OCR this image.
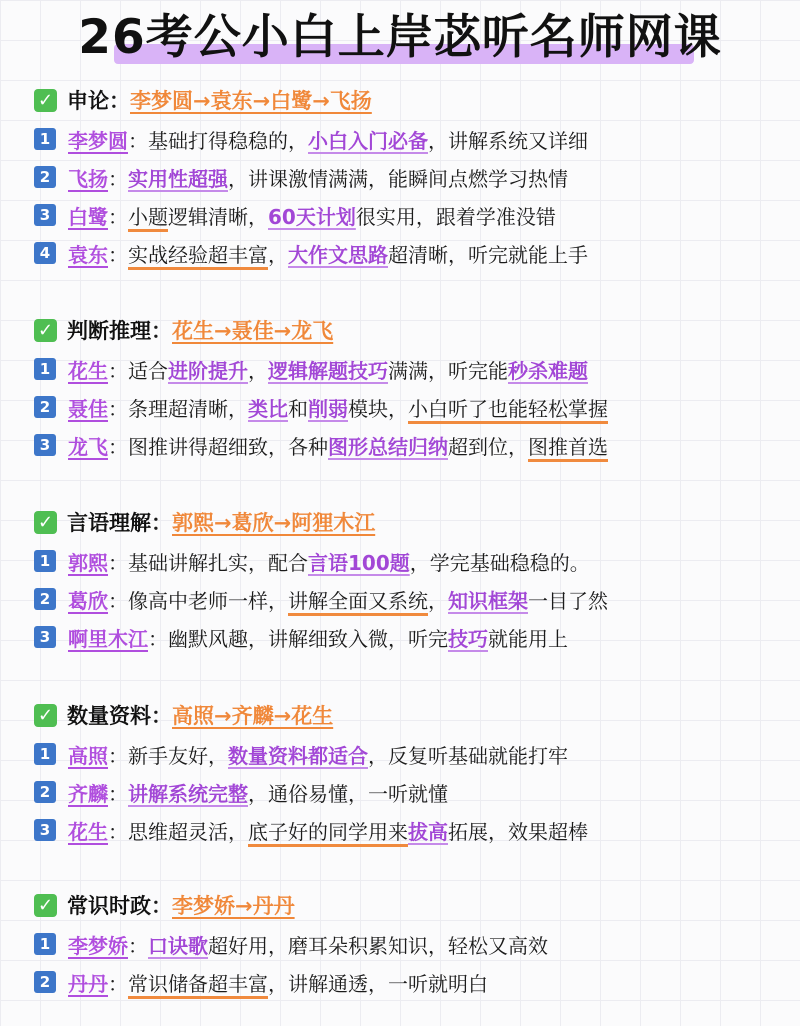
26考公小白上岸苾听名师网课
✓ 申论 ： 李梦圆→袁东→白鹭→飞扬
1 李梦圆 ：基础打得稳稳的， 小白入门必备 ，讲解系统又详细
2 飞扬 ： 实用性超强 ，讲课激情满满，能瞬间点燃学习热情
3 白鹭 ： 小题 逻辑清晰， 60天计划 很实用，跟着学准没错
4 袁东 ： 实战经验超丰富 ， 大作文思路 超清晰，听完就能上手
✓ 判断推理 ： 花生→聂佳→龙飞
1 花生 ：适合 进阶提升 ， 逻辑解题技巧 满满，听完能 秒杀难题
2 聂佳 ：条理超清晰， 类比 和 削弱 模块， 小白听了也能轻松掌握
3 龙飞 ：图推讲得超细致，各种 图形总结归纳 超到位， 图推首选
✓ 言语理解 ： 郭熙→葛欣→阿狸木江
1 郭熙 ：基础讲解扎实，配合 言语100题 ，学完基础稳稳的。
2 葛欣 ：像高中老师一样， 讲解全面又系统 ， 知识框架 一目了然
3 啊里木江 ：幽默风趣，讲解细致入微，听完 技巧 就能用上
✓ 数量资料 ： 高照→齐麟→花生
1 高照 ：新手友好， 数量资料都适合 ，反复听基础就能打牢
2 齐麟 ： 讲解系统完整 ，通俗易懂，一听就懂
3 花生 ：思维超灵活， 底子好的同学用来 拔高 拓展，效果超棒
✓ 常识时政 ： 李梦娇→丹丹
1 李梦娇 ： 口诀歌 超好用，磨耳朵积累知识，轻松又高效
2 丹丹 ： 常识储备超丰富 ，讲解通透，一听就明白
